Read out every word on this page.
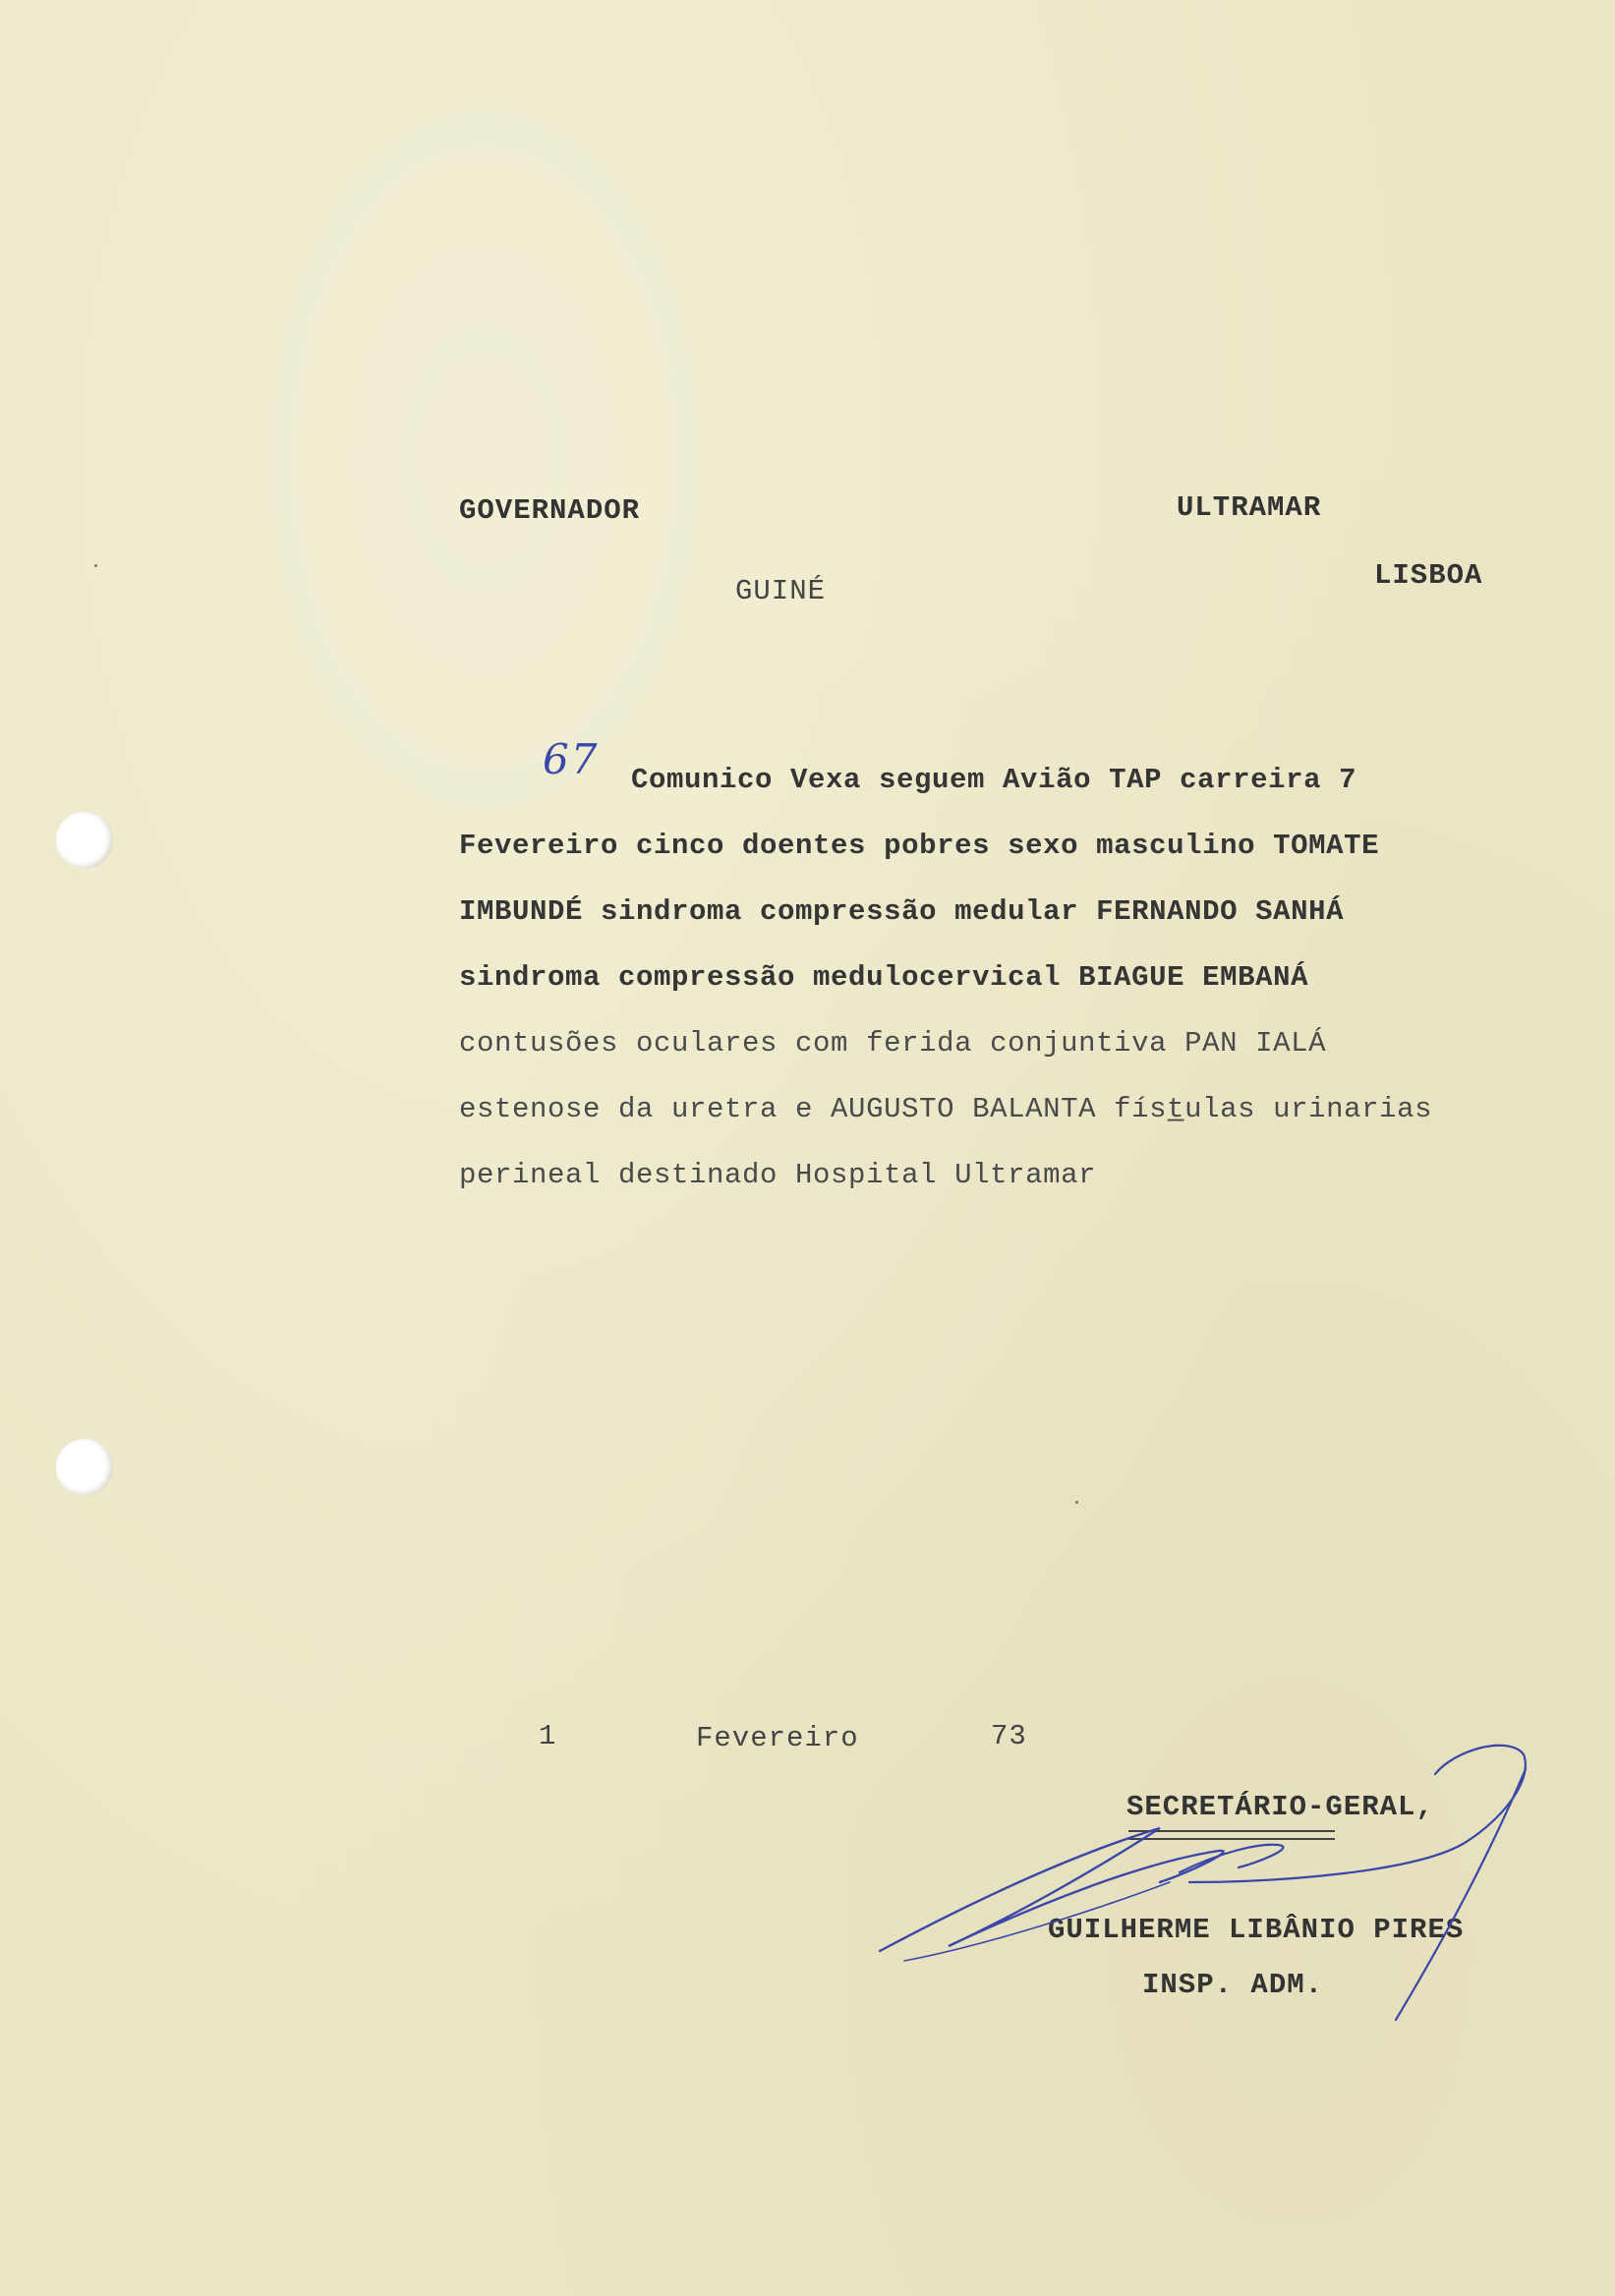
GOVERNADOR
GUINÉ
ULTRAMAR
LISBOA
67	Comunico Vexa seguem Avião TAP carreira 7
Fevereiro cinco doentes pobres sexo masculino TOMATE
IMBUNDÉ sindroma compressão medular FERNANDO SANHÁ
sindroma compressão medulocervical BIAGUE EMBANÁ
contusões oculares com ferida conjuntiva PAN IALÁ
estenose da uretra e AUGUSTO BALANTA físt̲ulas urinarias
perineal destinado Hospital Ultramar
1	Fevereiro	73
SECRETÁRIO-GERAL,
GUILHERME LIBÂNIO PIRES
INSP. ADM.
